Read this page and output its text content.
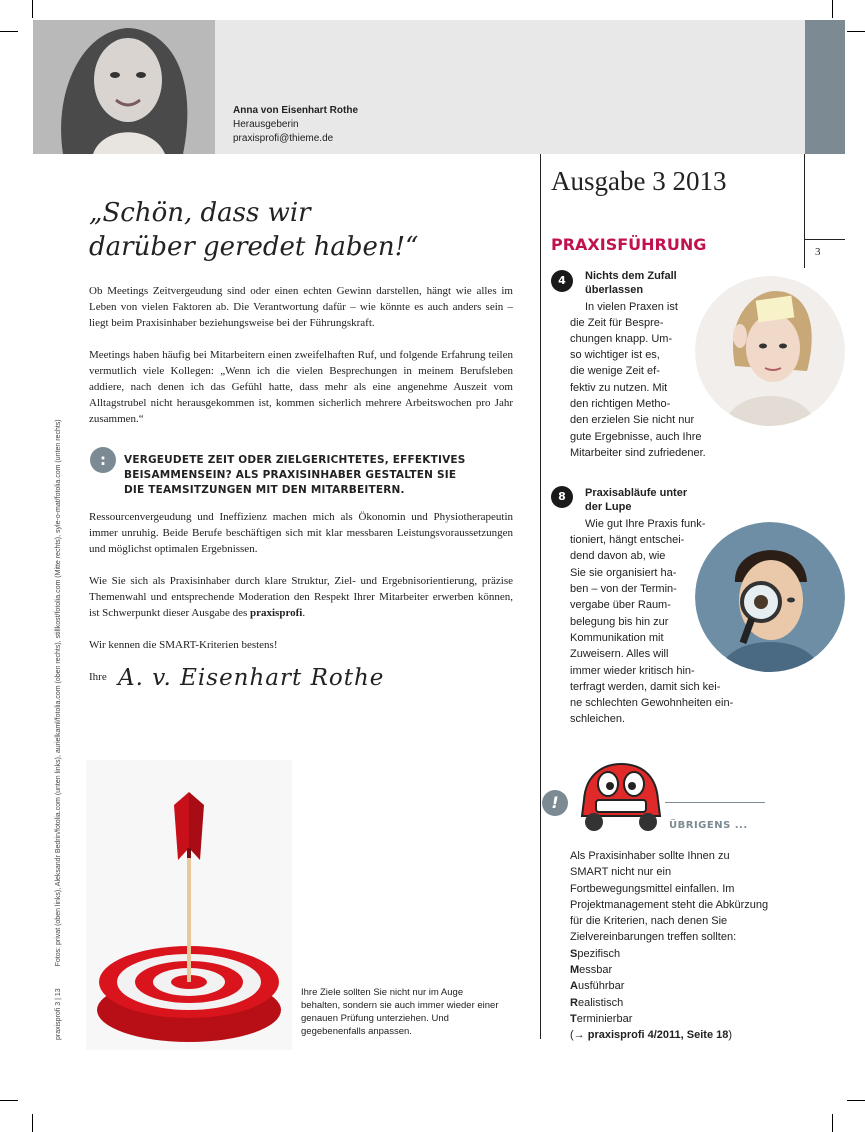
Anna von Eisenhart Rothe
Herausgeberin
praxisprofi@thieme.de
„Schön, dass wir
darüber geredet haben!“

Ob Meetings Zeitvergeudung sind oder einen echten Gewinn darstellen, hängt wie alles im Leben von vielen Faktoren ab. Die Verantwortung dafür – wie könnte es auch anders sein – liegt beim Praxisinhaber beziehungsweise bei der Führungskraft.

Meetings haben häufig bei Mitarbeitern einen zweifelhaften Ruf, und folgende Erfahrung teilen vermutlich viele Kollegen: „Wenn ich die vielen Besprechungen in meinem Berufsleben addiere, nach denen ich das Gefühl hatte, dass mehr als eine angenehme Auszeit vom Alltagstrubel nicht herausgekommen ist, kommen sicherlich mehrere Arbeitswochen pro Jahr zusammen.“

:	VERGEUDETE ZEIT ODER ZIELGERICHTETES, EFFEKTIVES
BEISAMMENSEIN? ALS PRAXISINHABER GESTALTEN SIE
DIE TEAMSITZUNGEN MIT DEN MITARBEITERN.

Ressourcenvergeudung und Ineffizienz machen mich als Ökonomin und Physiotherapeutin immer unruhig. Beide Berufe beschäftigen sich mit klar messbaren Leistungsvoraussetzungen und möglichst optimalen Ergebnissen.

Wie Sie sich als Praxisinhaber durch klare Struktur, Ziel- und Ergebnisorientierung, präzise Themenwahl und entsprechende Moderation den Respekt Ihrer Mitarbeiter erwerben können, ist Schwerpunkt dieser Ausgabe des praxisprofi.

Wir kennen die SMART-Kriterien bestens!

Ihre A. v. Eisenhart Rothe
Ihre Ziele sollten Sie nicht nur im Auge behalten, sondern sie auch immer wieder einer genauen Prüfung unterziehen. Und gegebenenfalls anpassen.
praxisprofi 3 | 13Fotos: privat (oben links), Aleksandr Bedrin/fotolia.com (unten links), aurielkaml/fotolia.com (oben rechts), stillkost/fotolia.com (Mitte rechts), syle-o-mat/fotolia.com (unten rechts)
Ausgabe 3 2013
3
PRAXISFÜHRUNG
4	Nichts dem Zufall
überlassen
In vielen Praxen ist
die Zeit für Bespre-
chungen knapp. Um-
so wichtiger ist es,
die wenige Zeit ef-
fektiv zu nutzen. Mit
den richtigen Metho-
den erzielen Sie nicht nur
gute Ergebnisse, auch Ihre
Mitarbeiter sind zufriedener.
8	Praxisabläufe unter
der Lupe
Wie gut Ihre Praxis funk-
tioniert, hängt entschei-
dend davon ab, wie
Sie sie organisiert ha-
ben – von der Termin-
vergabe über Raum-
belegung bis hin zur
Kommunikation mit
Zuweisern. Alles will
immer wieder kritisch hin-
terfragt werden, damit sich kei-
ne schlechten Gewohnheiten ein-
schleichen.
!
ÜBRIGENS ...
Als Praxisinhaber sollte Ihnen zu SMART nicht nur ein Fortbewegungsmittel einfallen. Im Projektmanagement steht die Abkürzung für die Kriterien, nach denen Sie Zielvereinbarungen treffen sollten:
Spezifisch
Messbar
Ausführbar
Realistisch
Terminierbar
(→ praxisprofi 4/2011, Seite 18)
